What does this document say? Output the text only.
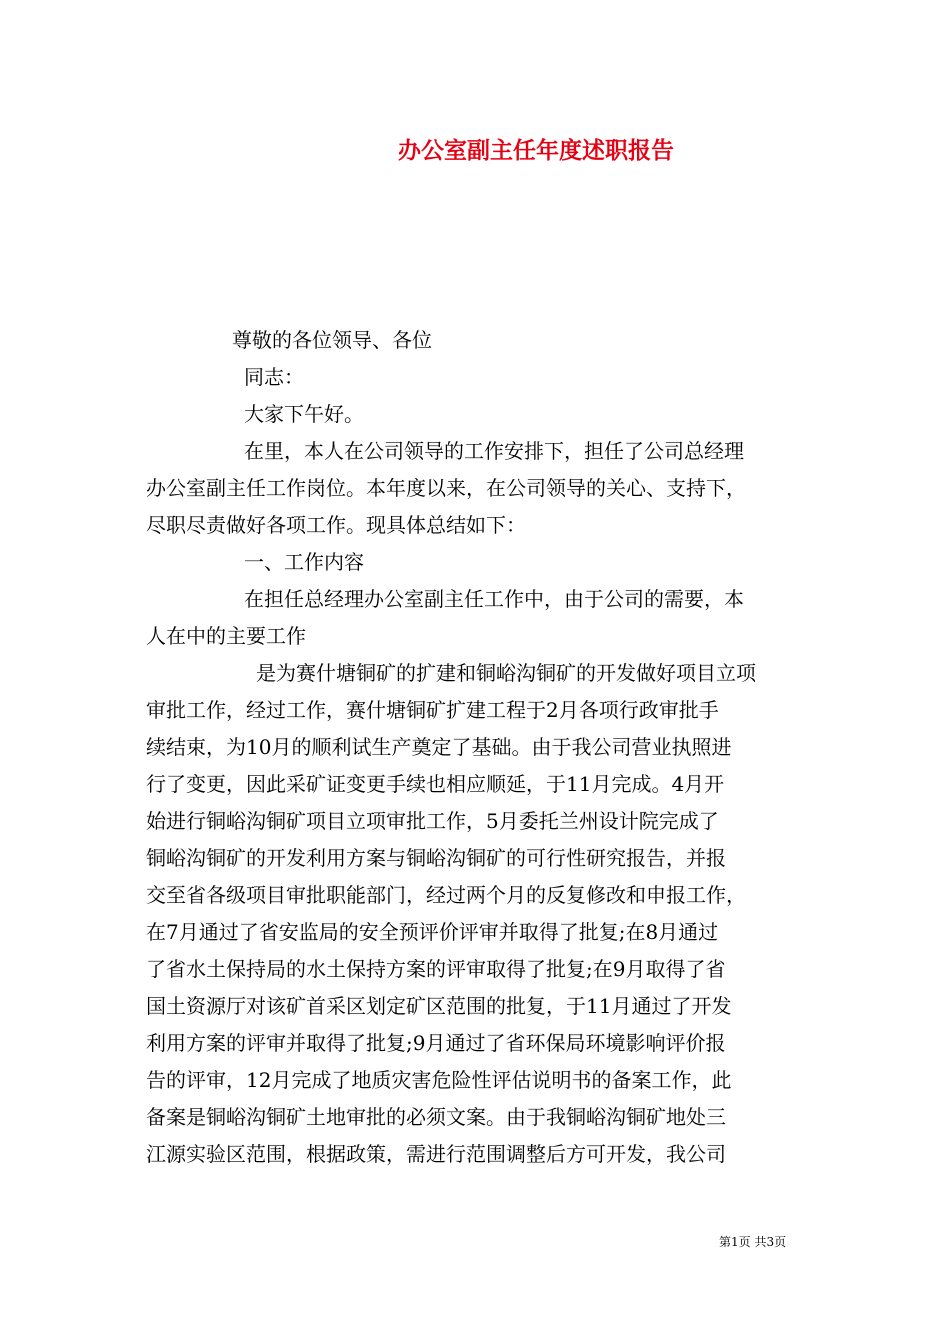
办公室副主任年度述职报告
尊敬的各位领导、各位
同志：
大家下午好。
在里，本人在公司领导的工作安排下，担任了公司总经理
办公室副主任工作岗位。本年度以来，在公司领导的关心、支持下，
尽职尽责做好各项工作。现具体总结如下：
一、工作内容
在担任总经理办公室副主任工作中，由于公司的需要，本
人在中的主要工作
是为赛什塘铜矿的扩建和铜峪沟铜矿的开发做好项目立项
审批工作，经过工作，赛什塘铜矿扩建工程于2月各项行政审批手
续结束，为10月的顺利试生产奠定了基础。由于我公司营业执照进
行了变更，因此采矿证变更手续也相应顺延，于11月完成。4月开
始进行铜峪沟铜矿项目立项审批工作，5月委托兰州设计院完成了
铜峪沟铜矿的开发利用方案与铜峪沟铜矿的可行性研究报告，并报
交至省各级项目审批职能部门，经过两个月的反复修改和申报工作，
在7月通过了省安监局的安全预评价评审并取得了批复;在8月通过
了省水土保持局的水土保持方案的评审取得了批复;在9月取得了省
国土资源厅对该矿首采区划定矿区范围的批复，于11月通过了开发
利用方案的评审并取得了批复;9月通过了省环保局环境影响评价报
告的评审，12月完成了地质灾害危险性评估说明书的备案工作，此
备案是铜峪沟铜矿土地审批的必须文案。由于我铜峪沟铜矿地处三
江源实验区范围，根据政策，需进行范围调整后方可开发，我公司
第1页 共3页
